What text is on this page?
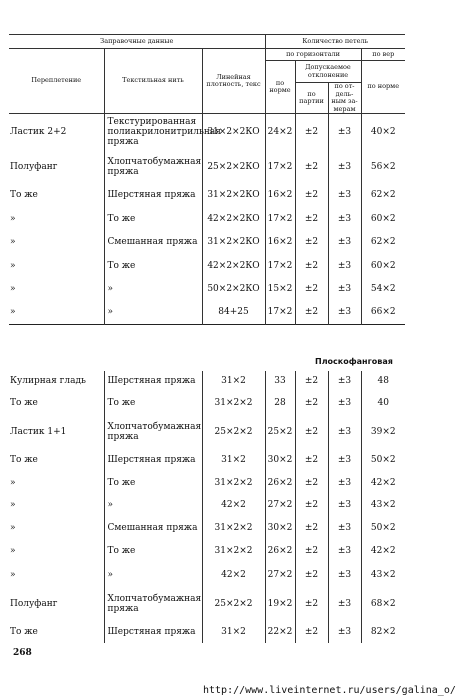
Заправочные данные			Количество петель			
Переплетение	Текстильная нить	Линейная плотность, текс	по горизонтали			по вер
			по норме	Допускаемое отклонение		по норме
				по партии	по от-дель-ным за-мерам	
Ластик 2+2	Текстурированная полиакрилонитрильная пряжа	31×2×2КО	24×2	±2	±3	40×2
Полуфанг	Хлопчатобумажная пряжа	25×2×2КО	17×2	±2	±3	56×2
То же	Шерстяная пряжа	31×2×2КО	16×2	±2	±3	62×2
»	То же	42×2×2КО	17×2	±2	±3	60×2
»	Смешанная пряжа	31×2×2КО	16×2	±2	±3	62×2
»	То же	42×2×2КО	17×2	±2	±3	60×2
»	»	50×2×2КО	15×2	±2	±3	54×2
»	»	84+25	17×2	±2	±3	66×2
Плоскофанговая
Кулирная гладь	Шерстяная пряжа	31×2	33	±2	±3	48
То же	То же	31×2×2	28	±2	±3	40
Ластик 1+1	Хлопчатобумажная пряжа	25×2×2	25×2	±2	±3	39×2
То же	Шерстяная пряжа	31×2	30×2	±2	±3	50×2
»	То же	31×2×2	26×2	±2	±3	42×2
»	»	42×2	27×2	±2	±3	43×2
»	Смешанная пряжа	31×2×2	30×2	±2	±3	50×2
»	То же	31×2×2	26×2	±2	±3	42×2
»	»	42×2	27×2	±2	±3	43×2
Полуфанг	Хлопчатобумажная пряжа	25×2×2	19×2	±2	±3	68×2
То же	Шерстяная пряжа	31×2	22×2	±2	±3	82×2
268
http://www.liveinternet.ru/users/galina_o/
